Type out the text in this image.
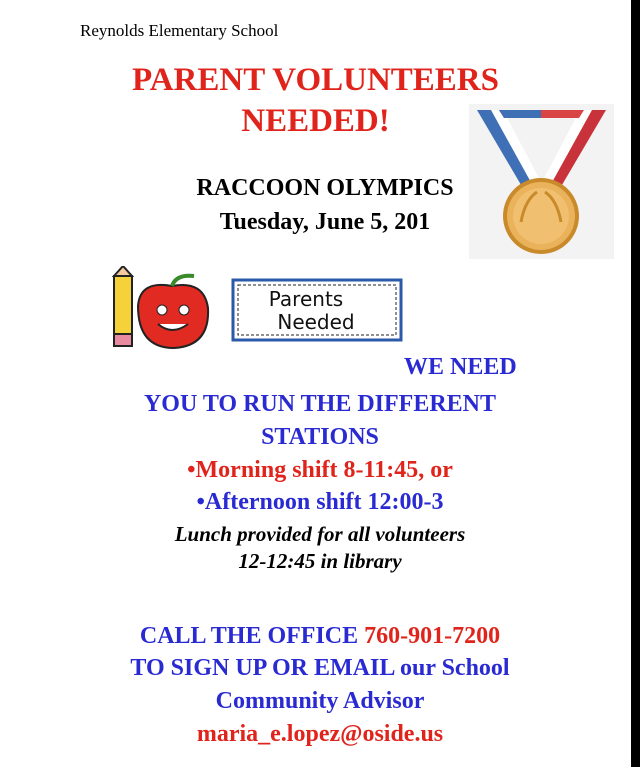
Reynolds Elementary School
PARENT VOLUNTEERS
NEEDED!
RACCOON OLYMPICS
Tuesday, June 5, 201
Parents
Needed
WE NEED
YOU TO RUN THE DIFFERENT
STATIONS
•Morning shift 8-11:45, or
•Afternoon shift 12:00-3
Lunch provided for all volunteers
12-12:45 in library
CALL THE OFFICE 760-901-7200
TO SIGN UP OR EMAIL our School
Community Advisor
maria_e.lopez@oside.us
